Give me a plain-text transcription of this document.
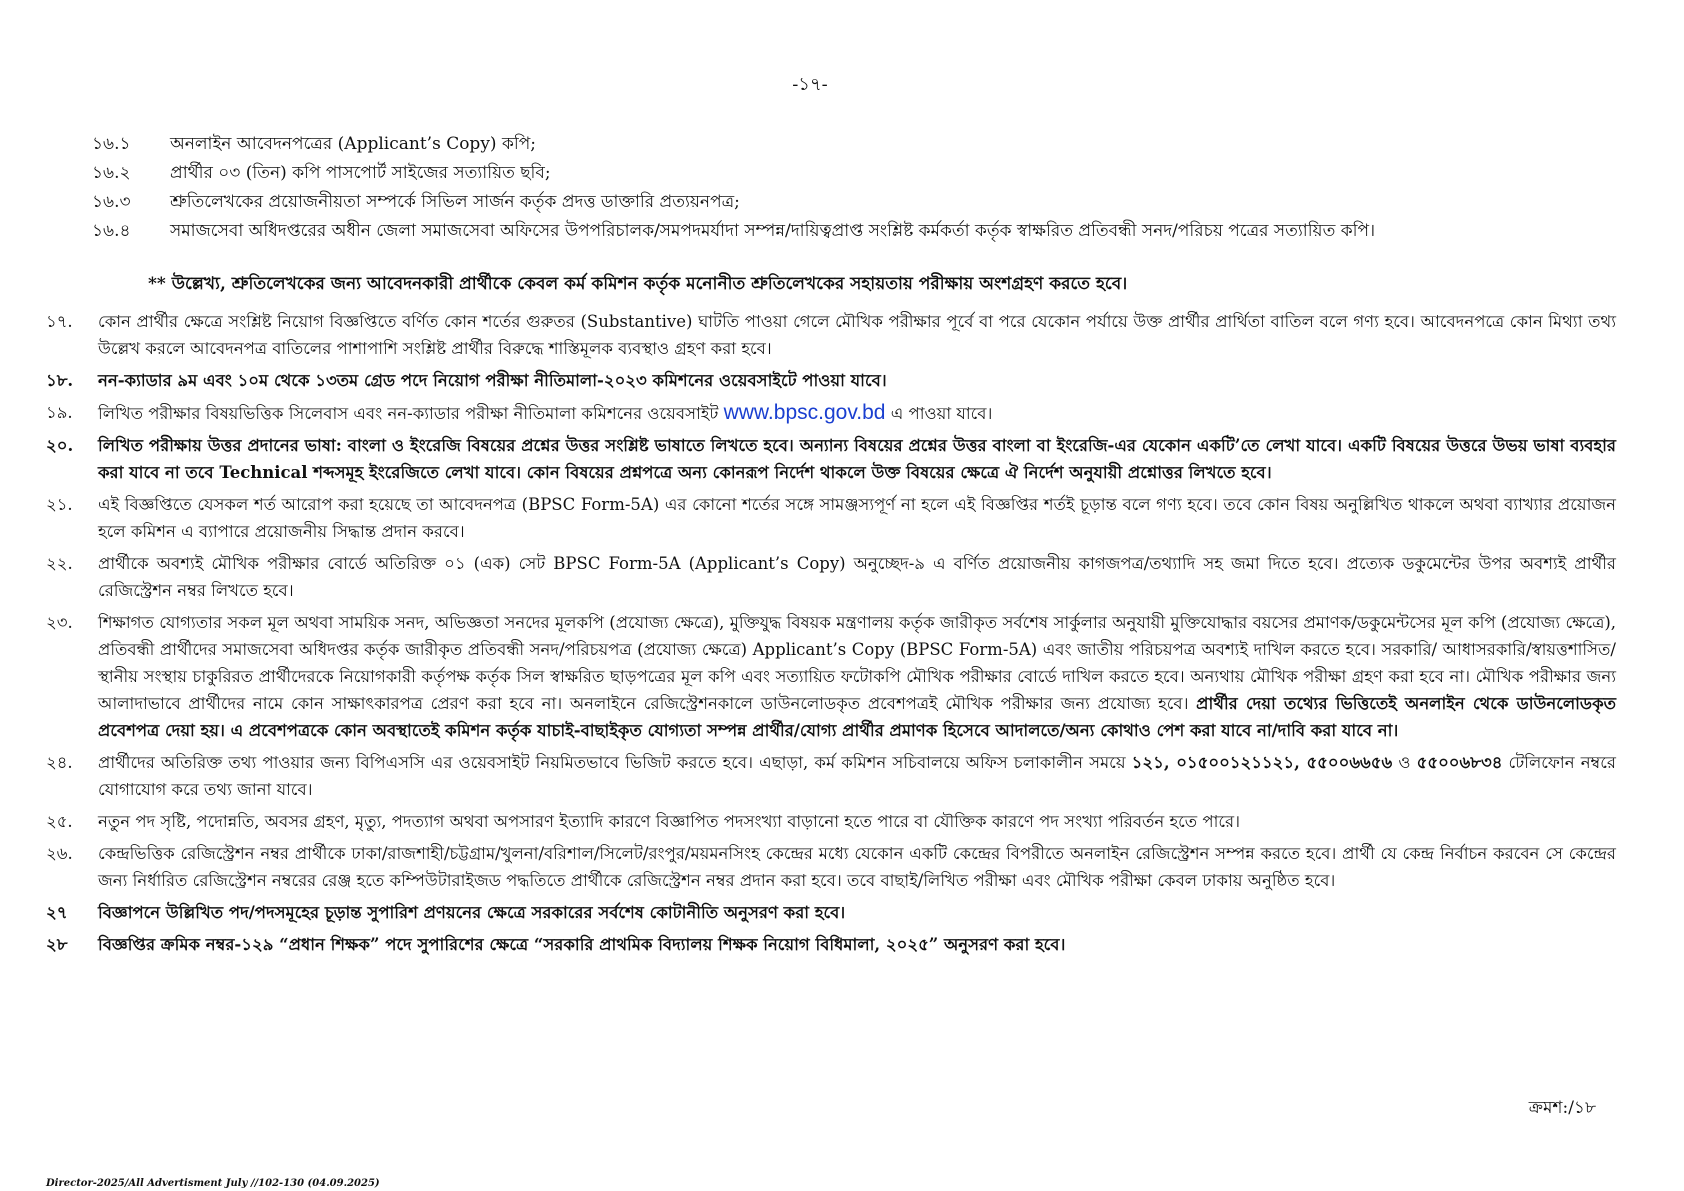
-১৭-
১৬.১	অনলাইন আবেদনপত্রের (Applicant’s Copy) কপি;
১৬.২	প্রার্থীর ০৩ (তিন) কপি পাসপোর্ট সাইজের সত্যায়িত ছবি;
১৬.৩	শ্রুতিলেখকের প্রয়োজনীয়তা সম্পর্কে সিভিল সার্জন কর্তৃক প্রদত্ত ডাক্তারি প্রত্যয়নপত্র;
১৬.৪	সমাজসেবা অধিদপ্তরের অধীন জেলা সমাজসেবা অফিসের উপপরিচালক/সমপদমর্যাদা সম্পন্ন/দায়িত্বপ্রাপ্ত সংশ্লিষ্ট কর্মকর্তা কর্তৃক স্বাক্ষরিত প্রতিবন্ধী সনদ/পরিচয় পত্রের সত্যায়িত কপি।
** উল্লেখ্য, শ্রুতিলেখকের জন্য আবেদনকারী প্রার্থীকে কেবল কর্ম কমিশন কর্তৃক মনোনীত শ্রুতিলেখকের সহায়তায় পরীক্ষায় অংশগ্রহণ করতে হবে।
১৭.	কোন প্রার্থীর ক্ষেত্রে সংশ্লিষ্ট নিয়োগ বিজ্ঞপ্তিতে বর্ণিত কোন শর্তের গুরুতর (Substantive) ঘাটতি পাওয়া গেলে মৌখিক পরীক্ষার পূর্বে বা পরে যেকোন পর্যায়ে উক্ত প্রার্থীর প্রার্থিতা বাতিল বলে গণ্য হবে। আবেদনপত্রে কোন মিথ্যা তথ্য উল্লেখ করলে আবেদনপত্র বাতিলের পাশাপাশি সংশ্লিষ্ট প্রার্থীর বিরুদ্ধে শাস্তিমূলক ব্যবস্থাও গ্রহণ করা হবে।
১৮.	নন-ক্যাডার ৯ম এবং ১০ম থেকে ১৩তম গ্রেড পদে নিয়োগ পরীক্ষা নীতিমালা-২০২৩ কমিশনের ওয়েবসাইটে পাওয়া যাবে।
১৯.	লিখিত পরীক্ষার বিষয়ভিত্তিক সিলেবাস এবং নন-ক্যাডার পরীক্ষা নীতিমালা কমিশনের ওয়েবসাইট www.bpsc.gov.bd এ পাওয়া যাবে।
২০.	লিখিত পরীক্ষায় উত্তর প্রদানের ভাষা: বাংলা ও ইংরেজি বিষয়ের প্রশ্নের উত্তর সংশ্লিষ্ট ভাষাতে লিখতে হবে। অন্যান্য বিষয়ের প্রশ্নের উত্তর বাংলা বা ইংরেজি-এর যেকোন একটি’তে লেখা যাবে। একটি বিষয়ের উত্তরে উভয় ভাষা ব্যবহার করা যাবে না তবে Technical শব্দসমূহ ইংরেজিতে লেখা যাবে। কোন বিষয়ের প্রশ্নপত্রে অন্য কোনরূপ নির্দেশ থাকলে উক্ত বিষয়ের ক্ষেত্রে ঐ নির্দেশ অনুযায়ী প্রশ্নোত্তর লিখতে হবে।
২১.	এই বিজ্ঞপ্তিতে যেসকল শর্ত আরোপ করা হয়েছে তা আবেদনপত্র (BPSC Form-5A) এর কোনো শর্তের সঙ্গে সামঞ্জস্যপূর্ণ না হলে এই বিজ্ঞপ্তির শর্তই চূড়ান্ত বলে গণ্য হবে। তবে কোন বিষয় অনুল্লিখিত থাকলে অথবা ব্যাখ্যার প্রয়োজন হলে কমিশন এ ব্যাপারে প্রয়োজনীয় সিদ্ধান্ত প্রদান করবে।
২২.	প্রার্থীকে অবশ্যই মৌখিক পরীক্ষার বোর্ডে অতিরিক্ত ০১ (এক) সেট BPSC Form-5A (Applicant’s Copy) অনুচ্ছেদ-৯ এ বর্ণিত প্রয়োজনীয় কাগজপত্র/তথ্যাদি সহ জমা দিতে হবে। প্রত্যেক ডকুমেন্টের উপর অবশ্যই প্রার্থীর রেজিস্ট্রেশন নম্বর লিখতে হবে।
২৩.	শিক্ষাগত যোগ্যতার সকল মূল অথবা সাময়িক সনদ, অভিজ্ঞতা সনদের মূলকপি (প্রযোজ্য ক্ষেত্রে), মুক্তিযুদ্ধ বিষয়ক মন্ত্রণালয় কর্তৃক জারীকৃত সর্বশেষ সার্কুলার অনুযায়ী মুক্তিযোদ্ধার বয়সের প্রমাণক/ডকুমেন্টসের মূল কপি (প্রযোজ্য ক্ষেত্রে), প্রতিবন্ধী প্রার্থীদের সমাজসেবা অধিদপ্তর কর্তৃক জারীকৃত প্রতিবন্ধী সনদ/পরিচয়পত্র (প্রযোজ্য ক্ষেত্রে) Applicant’s Copy (BPSC Form-5A) এবং জাতীয় পরিচয়পত্র অবশ্যই দাখিল করতে হবে। সরকারি/ আধাসরকারি/স্বায়ত্তশাসিত/স্থানীয় সংস্থায় চাকুরিরত প্রার্থীদেরকে নিয়োগকারী কর্তৃপক্ষ কর্তৃক সিল স্বাক্ষরিত ছাড়পত্রের মূল কপি এবং সত্যায়িত ফটোকপি মৌখিক পরীক্ষার বোর্ডে দাখিল করতে হবে। অন্যথায় মৌখিক পরীক্ষা গ্রহণ করা হবে না। মৌখিক পরীক্ষার জন্য আলাদাভাবে প্রার্থীদের নামে কোন সাক্ষাৎকারপত্র প্রেরণ করা হবে না। অনলাইনে রেজিস্ট্রেশনকালে ডাউনলোডকৃত প্রবেশপত্রই মৌখিক পরীক্ষার জন্য প্রযোজ্য হবে। প্রার্থীর দেয়া তথ্যের ভিত্তিতেই অনলাইন থেকে ডাউনলোডকৃত প্রবেশপত্র দেয়া হয়। এ প্রবেশপত্রকে কোন অবস্থাতেই কমিশন কর্তৃক যাচাই-বাছাইকৃত যোগ্যতা সম্পন্ন প্রার্থীর/যোগ্য প্রার্থীর প্রমাণক হিসেবে আদালতে/অন্য কোথাও পেশ করা যাবে না/দাবি করা যাবে না।
২৪.	প্রার্থীদের অতিরিক্ত তথ্য পাওয়ার জন্য বিপিএসসি এর ওয়েবসাইট নিয়মিতভাবে ভিজিট করতে হবে। এছাড়া, কর্ম কমিশন সচিবালয়ে অফিস চলাকালীন সময়ে ১২১, ০১৫০০১২১১২১, ৫৫০০৬৬৫৬ ও ৫৫০০৬৮৩৪ টেলিফোন নম্বরে যোগাযোগ করে তথ্য জানা যাবে।
২৫.	নতুন পদ সৃষ্টি, পদোন্নতি, অবসর গ্রহণ, মৃত্যু, পদত্যাগ অথবা অপসারণ ইত্যাদি কারণে বিজ্ঞাপিত পদসংখ্যা বাড়ানো হতে পারে বা যৌক্তিক কারণে পদ সংখ্যা পরিবর্তন হতে পারে।
২৬.	কেন্দ্রভিত্তিক রেজিস্ট্রেশন নম্বর প্রার্থীকে ঢাকা/রাজশাহী/চট্টগ্রাম/খুলনা/বরিশাল/সিলেট/রংপুর/ময়মনসিংহ কেন্দ্রের মধ্যে যেকোন একটি কেন্দ্রের বিপরীতে অনলাইন রেজিস্ট্রেশন সম্পন্ন করতে হবে। প্রার্থী যে কেন্দ্র নির্বাচন করবেন সে কেন্দ্রের জন্য নির্ধারিত রেজিস্ট্রেশন নম্বরের রেঞ্জ হতে কম্পিউটারাইজড পদ্ধতিতে প্রার্থীকে রেজিস্ট্রেশন নম্বর প্রদান করা হবে। তবে বাছাই/লিখিত পরীক্ষা এবং মৌখিক পরীক্ষা কেবল ঢাকায় অনুষ্ঠিত হবে।
২৭	বিজ্ঞাপনে উল্লিখিত পদ/পদসমূহের চূড়ান্ত সুপারিশ প্রণয়নের ক্ষেত্রে সরকারের সর্বশেষ কোটানীতি অনুসরণ করা হবে।
২৮	বিজ্ঞপ্তির ক্রমিক নম্বর-১২৯ “প্রধান শিক্ষক” পদে সুপারিশের ক্ষেত্রে “সরকারি প্রাথমিক বিদ্যালয় শিক্ষক নিয়োগ বিধিমালা, ২০২৫” অনুসরণ করা হবে।
ক্রমশ:/১৮
Director-2025/All Advertisment July //102-130 (04.09.2025)
